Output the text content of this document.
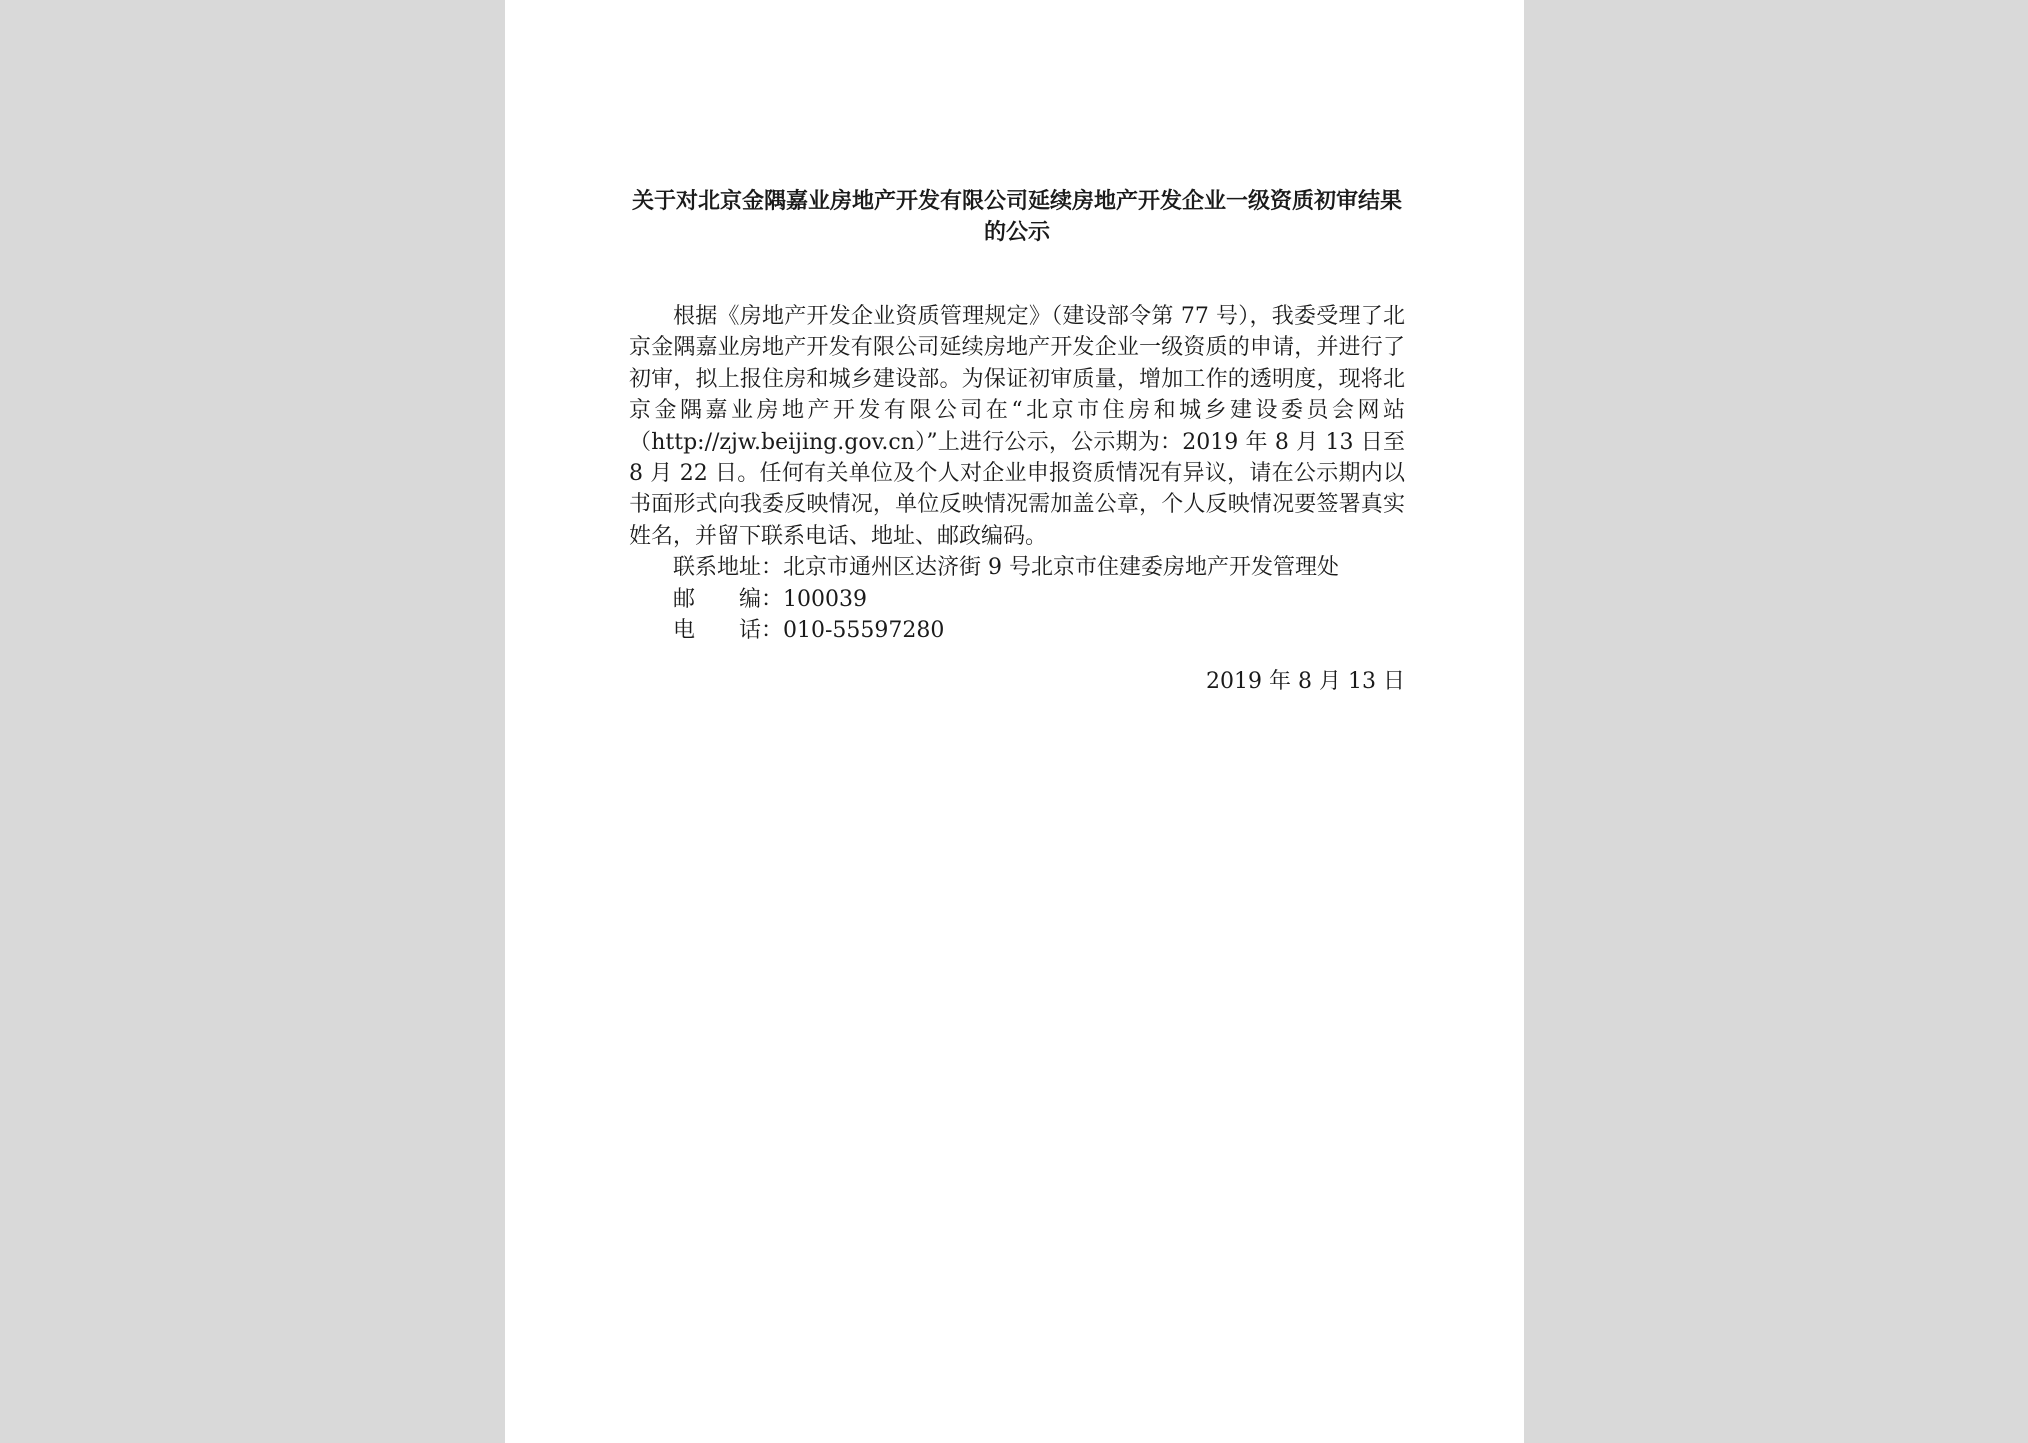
关于对北京金隅嘉业房地产开发有限公司延续房地产开发企业一级资质初审结果的公示

根据《房地产开发企业资质管理规定》（建设部令第 77 号），我委受理了北京金隅嘉业房地产开发有限公司延续房地产开发企业一级资质的申请，并进行了初审，拟上报住房和城乡建设部。为保证初审质量，增加工作的透明度，现将北京金隅嘉业房地产开发有限公司在“北京市住房和城乡建设委员会网站（http://zjw.beijing.gov.cn）”上进行公示，公示期为：2019 年 8 月 13 日至 8 月 22 日。任何有关单位及个人对企业申报资质情况有异议，请在公示期内以书面形式向我委反映情况，单位反映情况需加盖公章，个人反映情况要签署真实姓名，并留下联系电话、地址、邮政编码。

联系地址：北京市通州区达济街 9 号北京市住建委房地产开发管理处

邮 编：100039

电 话：010-55597280

2019 年 8 月 13 日
